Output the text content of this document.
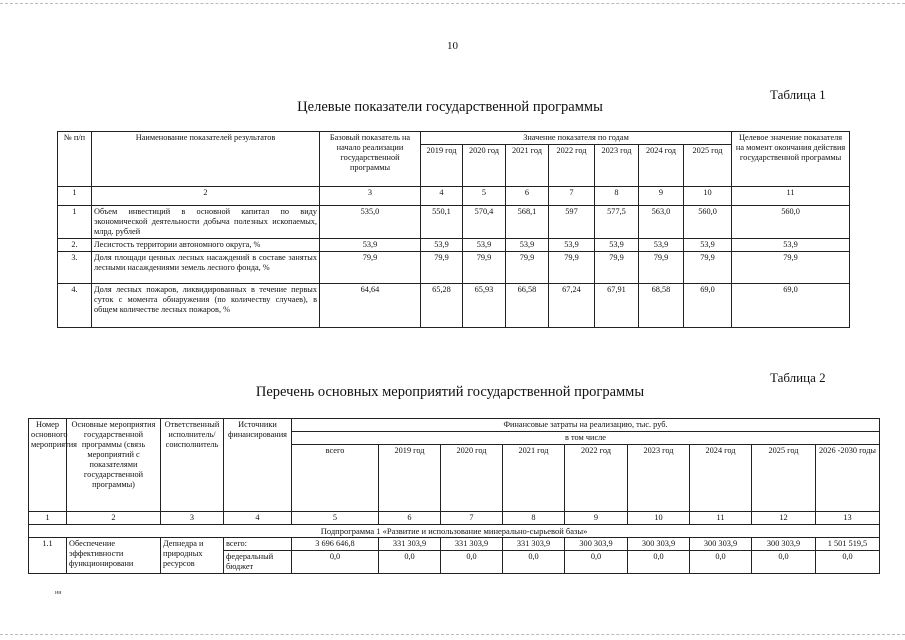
10
Таблица 1
Целевые показатели государственной программы
№ п/п	Наименование показателей результатов	Базовый показатель на начало реализации государственной программы	Значение показателя по годам							Целевое значение показателя на момент окончания действия государственной программы
			2019 год	2020 год	2021 год	2022 год	2023 год	2024 год	2025 год	
1	2	3	4	5	6	7	8	9	10	11
1	Объем инвестиций в основной капитал по виду экономической деятельности добыча полезных ископаемых, млрд. рублей	535,0	550,1	570,4	568,1	597	577,5	563,0	560,0	560,0
2.	Лесистость территории автономного округа, %	53,9	53,9	53,9	53,9	53,9	53,9	53,9	53,9	53,9
3.	Доля площади ценных лесных насаждений в составе занятых лесными насаждениями земель лесного фонда, %	79,9	79,9	79,9	79,9	79,9	79,9	79,9	79,9	79,9
4.	Доля лесных пожаров, ликвидированных в течение первых суток с момента обнаружения (по количеству случаев), в общем количестве лесных пожаров, %	64,64	65,28	65,93	66,58	67,24	67,91	68,58	69,0	69,0
Таблица 2
Перечень основных мероприятий государственной программы
Номер основного мероприятия	Основные мероприятия государственной программы (связь мероприятий с показателями государственной программы)	Ответственный исполнитель/ соисполнитель	Источники финансирования	Финансовые затраты на реализацию, тыс. руб.								
				в том числе								
				всего	2019 год	2020 год	2021 год	2022 год	2023 год	2024 год	2025 год	2026 -2030 годы
1	2	3	4	5	6	7	8	9	10	11	12	13
Подпрограмма 1 «Развитие и использование минерально-сырьевой базы»												
1.1	Обеспечение эффективности функционировани	Депнедра и природных ресурсов	всего:	3 696 646,8	331 303,9	331 303,9	331 303,9	300 303,9	300 303,9	300 303,9	300 303,9	1 501 519,5
			федеральный бюджет	0,0	0,0	0,0	0,0	0,0	0,0	0,0	0,0	0,0
нн
